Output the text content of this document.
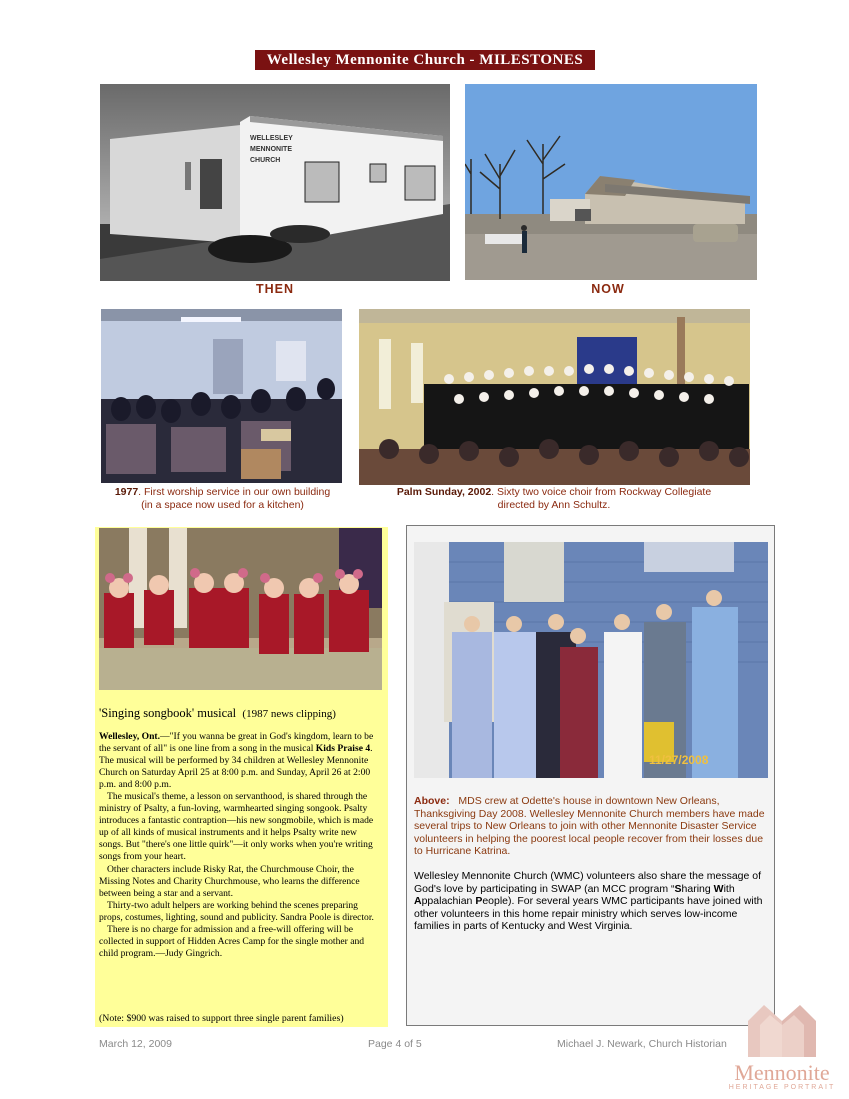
Wellesley Mennonite Church - MILESTONES
WELLESLEY
MENNONITE
CHURCH
THEN	NOW
1977. First worship service in our own building
(in a space now used for a kitchen)
Palm Sunday, 2002. Sixty two voice choir from Rockway Collegiate
directed by Ann Schultz.
'Singing songbook' musical (1987 news clipping)

Wellesley, Ont.—"If you wanna be great in God's kingdom, learn to be the servant of all" is one line from a song in the musical Kids Praise 4. The musical will be performed by 34 children at Wellesley Mennonite Church on Saturday April 25 at 8:00 p.m. and Sunday, April 26 at 2:00 p.m. and 8:00 p.m.

The musical's theme, a lesson on servanthood, is shared through the ministry of Psalty, a fun-loving, warmhearted singing songook. Psalty introduces a fantastic contraption—his new songmobile, which is made up of all kinds of musical instruments and it helps Psalty write new songs. But "there's one little quirk"—it only works when you're writing songs from your heart.

Other characters include Risky Rat, the Churchmouse Choir, the Missing Notes and Charity Churchmouse, who learns the difference between being a star and a servant.

Thirty-two adult helpers are working behind the scenes preparing props, costumes, lighting, sound and publicity. Sandra Poole is director.

There is no charge for admission and a free-will offering will be collected in support of Hidden Acres Camp for the single mother and child program.—Judy Gingrich.

(Note: $900 was raised to support three single parent families)
11/27/2008
Above: MDS crew at Odette's house in downtown New Orleans, Thanksgiving Day 2008. Wellesley Mennonite Church members have made several trips to New Orleans to join with other Mennonite Disaster Service volunteers in helping the poorest local people recover from their losses due to Hurricane Katrina.
Wellesley Mennonite Church (WMC) volunteers also share the message of God's love by participating in SWAP (an MCC program “Sharing With Appalachian People). For several years WMC participants have joined with other volunteers in this home repair ministry which serves low-income families in parts of Kentucky and West Virginia.
March 12, 2009	Page 4 of 5	Michael J. Newark, Church Historian
Mennonite
HERITAGE PORTRAIT
